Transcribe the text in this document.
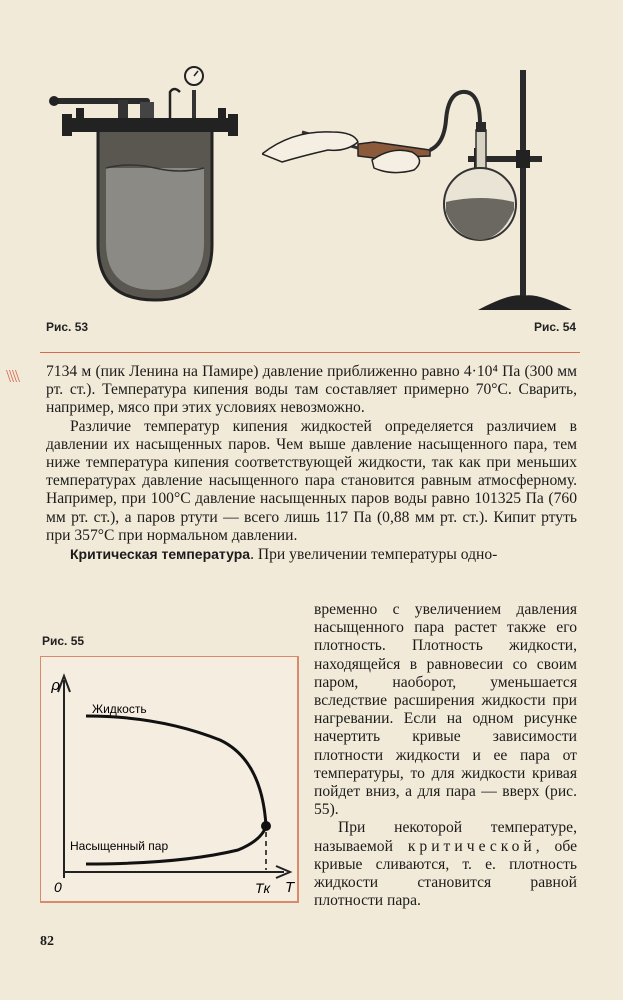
Рис. 53	Рис. 54
\\\\ 7134 м (пик Ленина на Памире) давление приближенно равно 4·10⁴ Па (300 мм рт. ст.). Температура кипения воды там составляет примерно 70°C. Сварить, например, мясо при этих условиях невозможно.

Различие температур кипения жидкостей определяется различием в давлении их насыщенных паров. Чем выше давление насыщенного пара, тем ниже температура кипения соответствующей жидкости, так как при меньших температурах давление насыщенного пара становится равным атмосферному. Например, при 100°C давление насыщенных паров воды равно 101325 Па (760 мм рт. ст.), а паров ртути — всего лишь 117 Па (0,88 мм рт. ст.). Кипит ртуть при 357°C при нормальном давлении.

Критическая температура. При увеличении температуры одно-

временно с увеличением давления насыщенного пара растет также его плотность. Плотность жидкости, находящейся в равновесии со своим паром, наоборот, уменьшается вследствие расширения жидкости при нагревании. Если на одном рисунке начертить кривые зависимости плотности жидкости и ее пара от температуры, то для жидкости кривая пойдет вниз, а для пара — вверх (рис. 55).

При некоторой температуре, называемой критической, обе кривые сливаются, т. е. плотность жидкости становится равной плотности пара.

Рис. 55
ρ
T
0	Tк
Жидкость
Насыщенный пар
82
